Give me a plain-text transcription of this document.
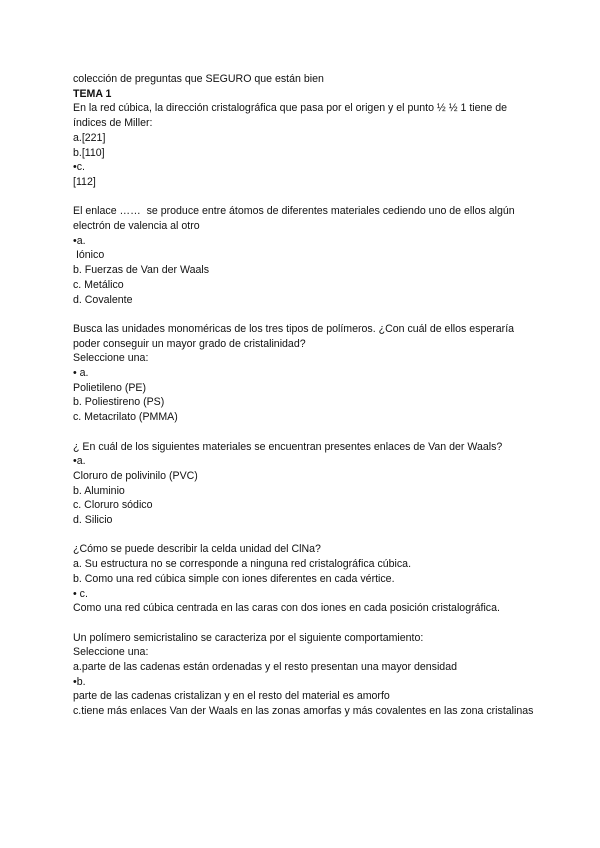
colección de preguntas que SEGURO que están bien
TEMA 1
En la red cúbica, la dirección cristalográfica que pasa por el origen y el punto ½ ½ 1 tiene de índices de Miller:
a.[221]
b.[110]
•c.
[112]
El enlace ……  se produce entre átomos de diferentes materiales cediendo uno de ellos algún electrón de valencia al otro
•a.
Iónico
b. Fuerzas de Van der Waals
c. Metálico
d. Covalente
Busca las unidades monoméricas de los tres tipos de polímeros. ¿Con cuál de ellos esperaría poder conseguir un mayor grado de cristalinidad?
Seleccione una:
• a.
Polietileno (PE)
b. Poliestireno (PS)
c. Metacrilato (PMMA)
¿ En cuál de los siguientes materiales se encuentran presentes enlaces de Van der Waals?
•a.
Cloruro de polivinilo (PVC)
b. Aluminio
c. Cloruro sódico
d. Silicio
¿Cómo se puede describir la celda unidad del ClNa?
a. Su estructura no se corresponde a ninguna red cristalográfica cúbica.
b. Como una red cúbica simple con iones diferentes en cada vértice.
• c.
Como una red cúbica centrada en las caras con dos iones en cada posición cristalográfica.
Un polímero semicristalino se caracteriza por el siguiente comportamiento:
Seleccione una:
a.parte de las cadenas están ordenadas y el resto presentan una mayor densidad
•b.
parte de las cadenas cristalizan y en el resto del material es amorfo
c.tiene más enlaces Van der Waals en las zonas amorfas y más covalentes en las zona cristalinas
